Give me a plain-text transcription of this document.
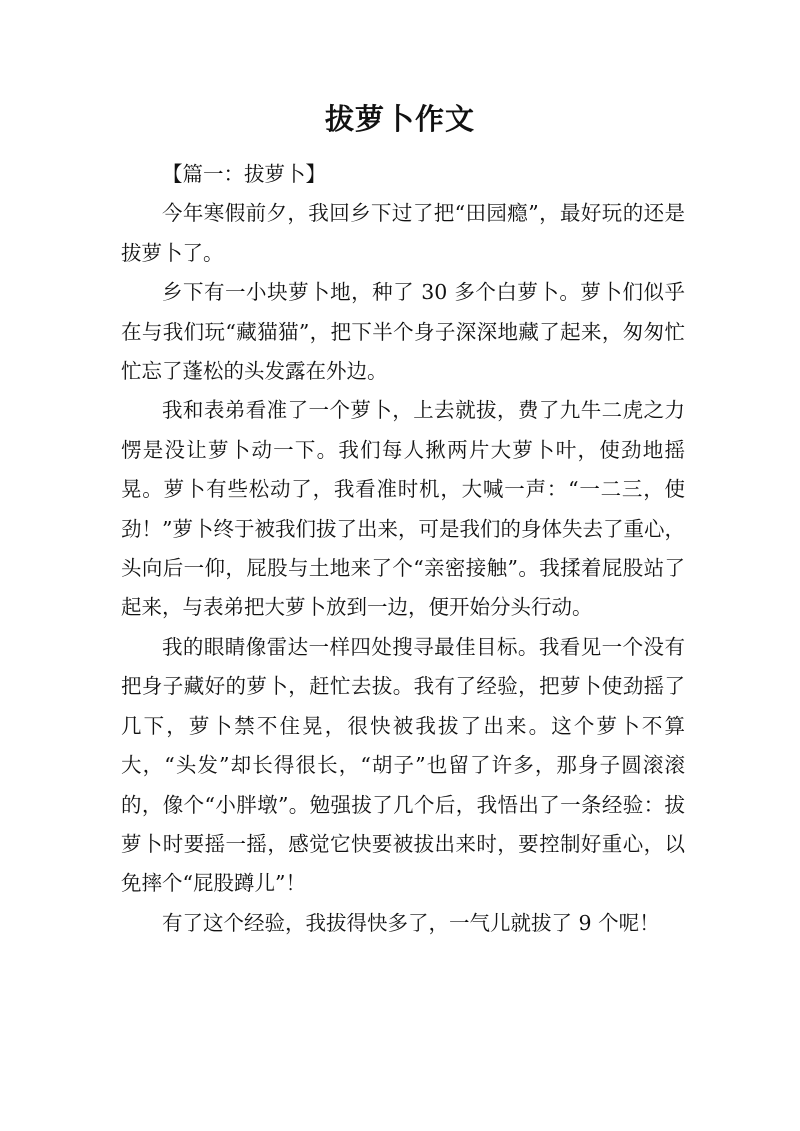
拔萝卜作文

【篇一：拔萝卜】

今年寒假前夕，我回乡下过了把“田园瘾”，最好玩的还是拔萝卜了。

乡下有一小块萝卜地，种了 30 多个白萝卜。萝卜们似乎在与我们玩“藏猫猫”，把下半个身子深深地藏了起来，匆匆忙忙忘了蓬松的头发露在外边。

我和表弟看准了一个萝卜，上去就拔，费了九牛二虎之力愣是没让萝卜动一下。我们每人揪两片大萝卜叶，使劲地摇晃。萝卜有些松动了，我看准时机，大喊一声：“一二三，使劲！”萝卜终于被我们拔了出来，可是我们的身体失去了重心，头向后一仰，屁股与土地来了个“亲密接触”。我揉着屁股站了起来，与表弟把大萝卜放到一边，便开始分头行动。

我的眼睛像雷达一样四处搜寻最佳目标。我看见一个没有把身子藏好的萝卜，赶忙去拔。我有了经验，把萝卜使劲摇了几下，萝卜禁不住晃，很快被我拔了出来。这个萝卜不算大，“头发”却长得很长，“胡子”也留了许多，那身子圆滚滚的，像个“小胖墩”。勉强拔了几个后，我悟出了一条经验：拔萝卜时要摇一摇，感觉它快要被拔出来时，要控制好重心，以免摔个“屁股蹲儿”！

有了这个经验，我拔得快多了，一气儿就拔了 9 个呢！
